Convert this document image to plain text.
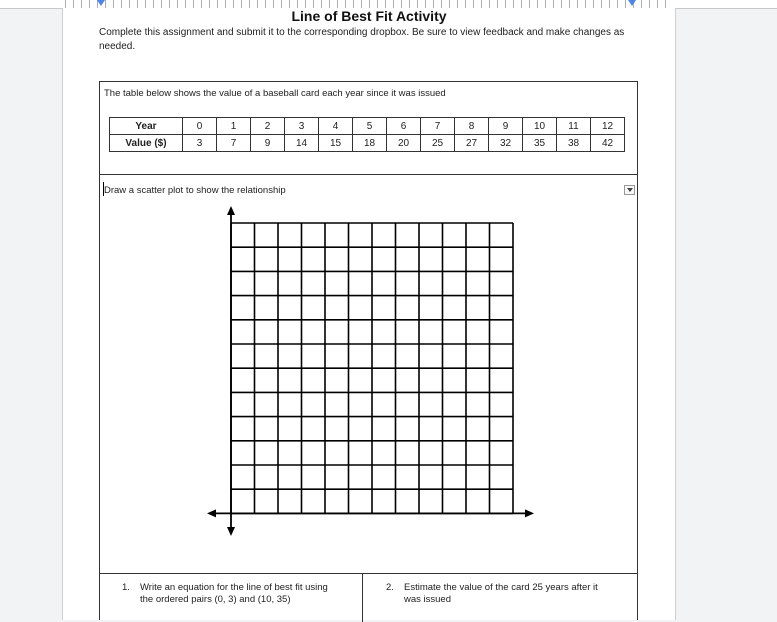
Line of Best Fit Activity
Complete this assignment and submit it to the corresponding dropbox. Be sure to view feedback and make changes as needed.
The table below shows the value of a baseball card each year since it was issued
Year	0	1	2	3	4	5	6	7	8	9	10	11	12
Value ($)	3	7	9	14	15	18	20	25	27	32	35	38	42
Draw a scatter plot to show the relationship
1. Write an equation for the line of best fit using
the ordered pairs (0, 3) and (10, 35)
2. Estimate the value of the card 25 years after it
was issued
